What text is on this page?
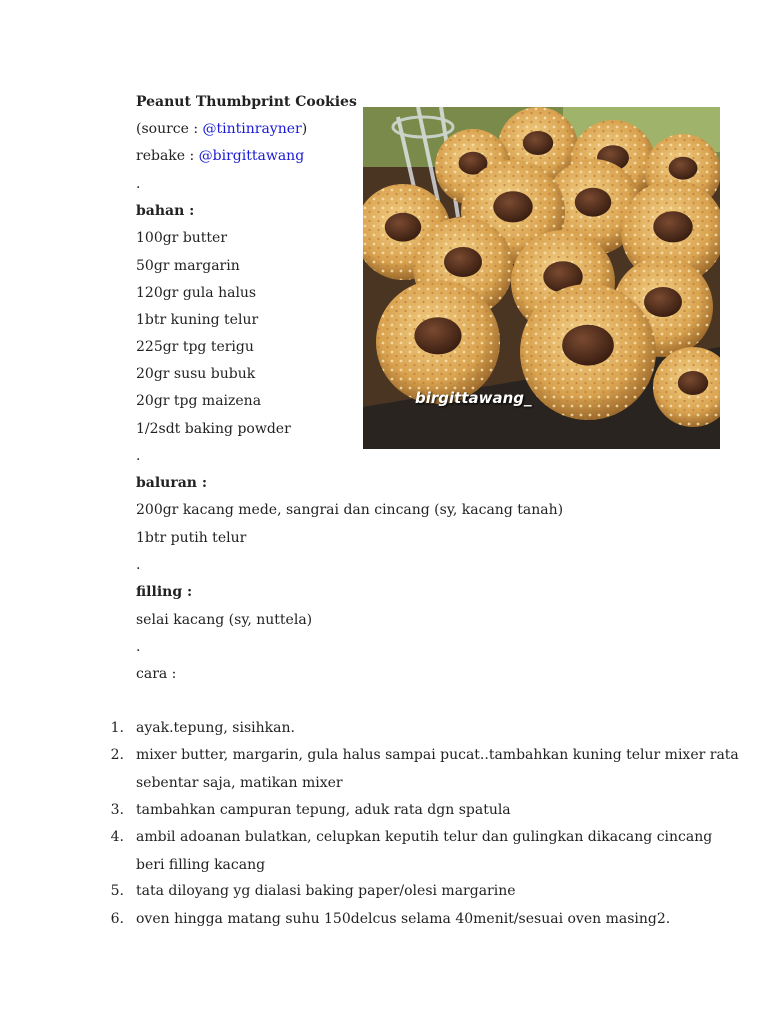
Peanut Thumbprint Cookies
(source : @tintinrayner)
rebake : @birgittawang
.
bahan :
100gr butter
50gr margarin
120gr gula halus
1btr kuning telur
225gr tpg terigu
20gr susu bubuk
20gr tpg maizena
1/2sdt baking powder
.
baluran :
200gr kacang mede, sangrai dan cincang (sy, kacang tanah)
1btr putih telur
.
filling :
selai kacang (sy, nuttela)
.
cara :
1. ayak.tepung, sisihkan.
2. mixer butter, margarin, gula halus sampai pucat..tambahkan kuning telur mixer rata
sebentar saja, matikan mixer
3. tambahkan campuran tepung, aduk rata dgn spatula
4. ambil adoanan bulatkan, celupkan keputih telur dan gulingkan dikacang cincang
beri filling kacang
5. tata diloyang yg dialasi baking paper/olesi margarine
6. oven hingga matang suhu 150delcus selama 40menit/sesuai oven masing2.
birgittawang_
